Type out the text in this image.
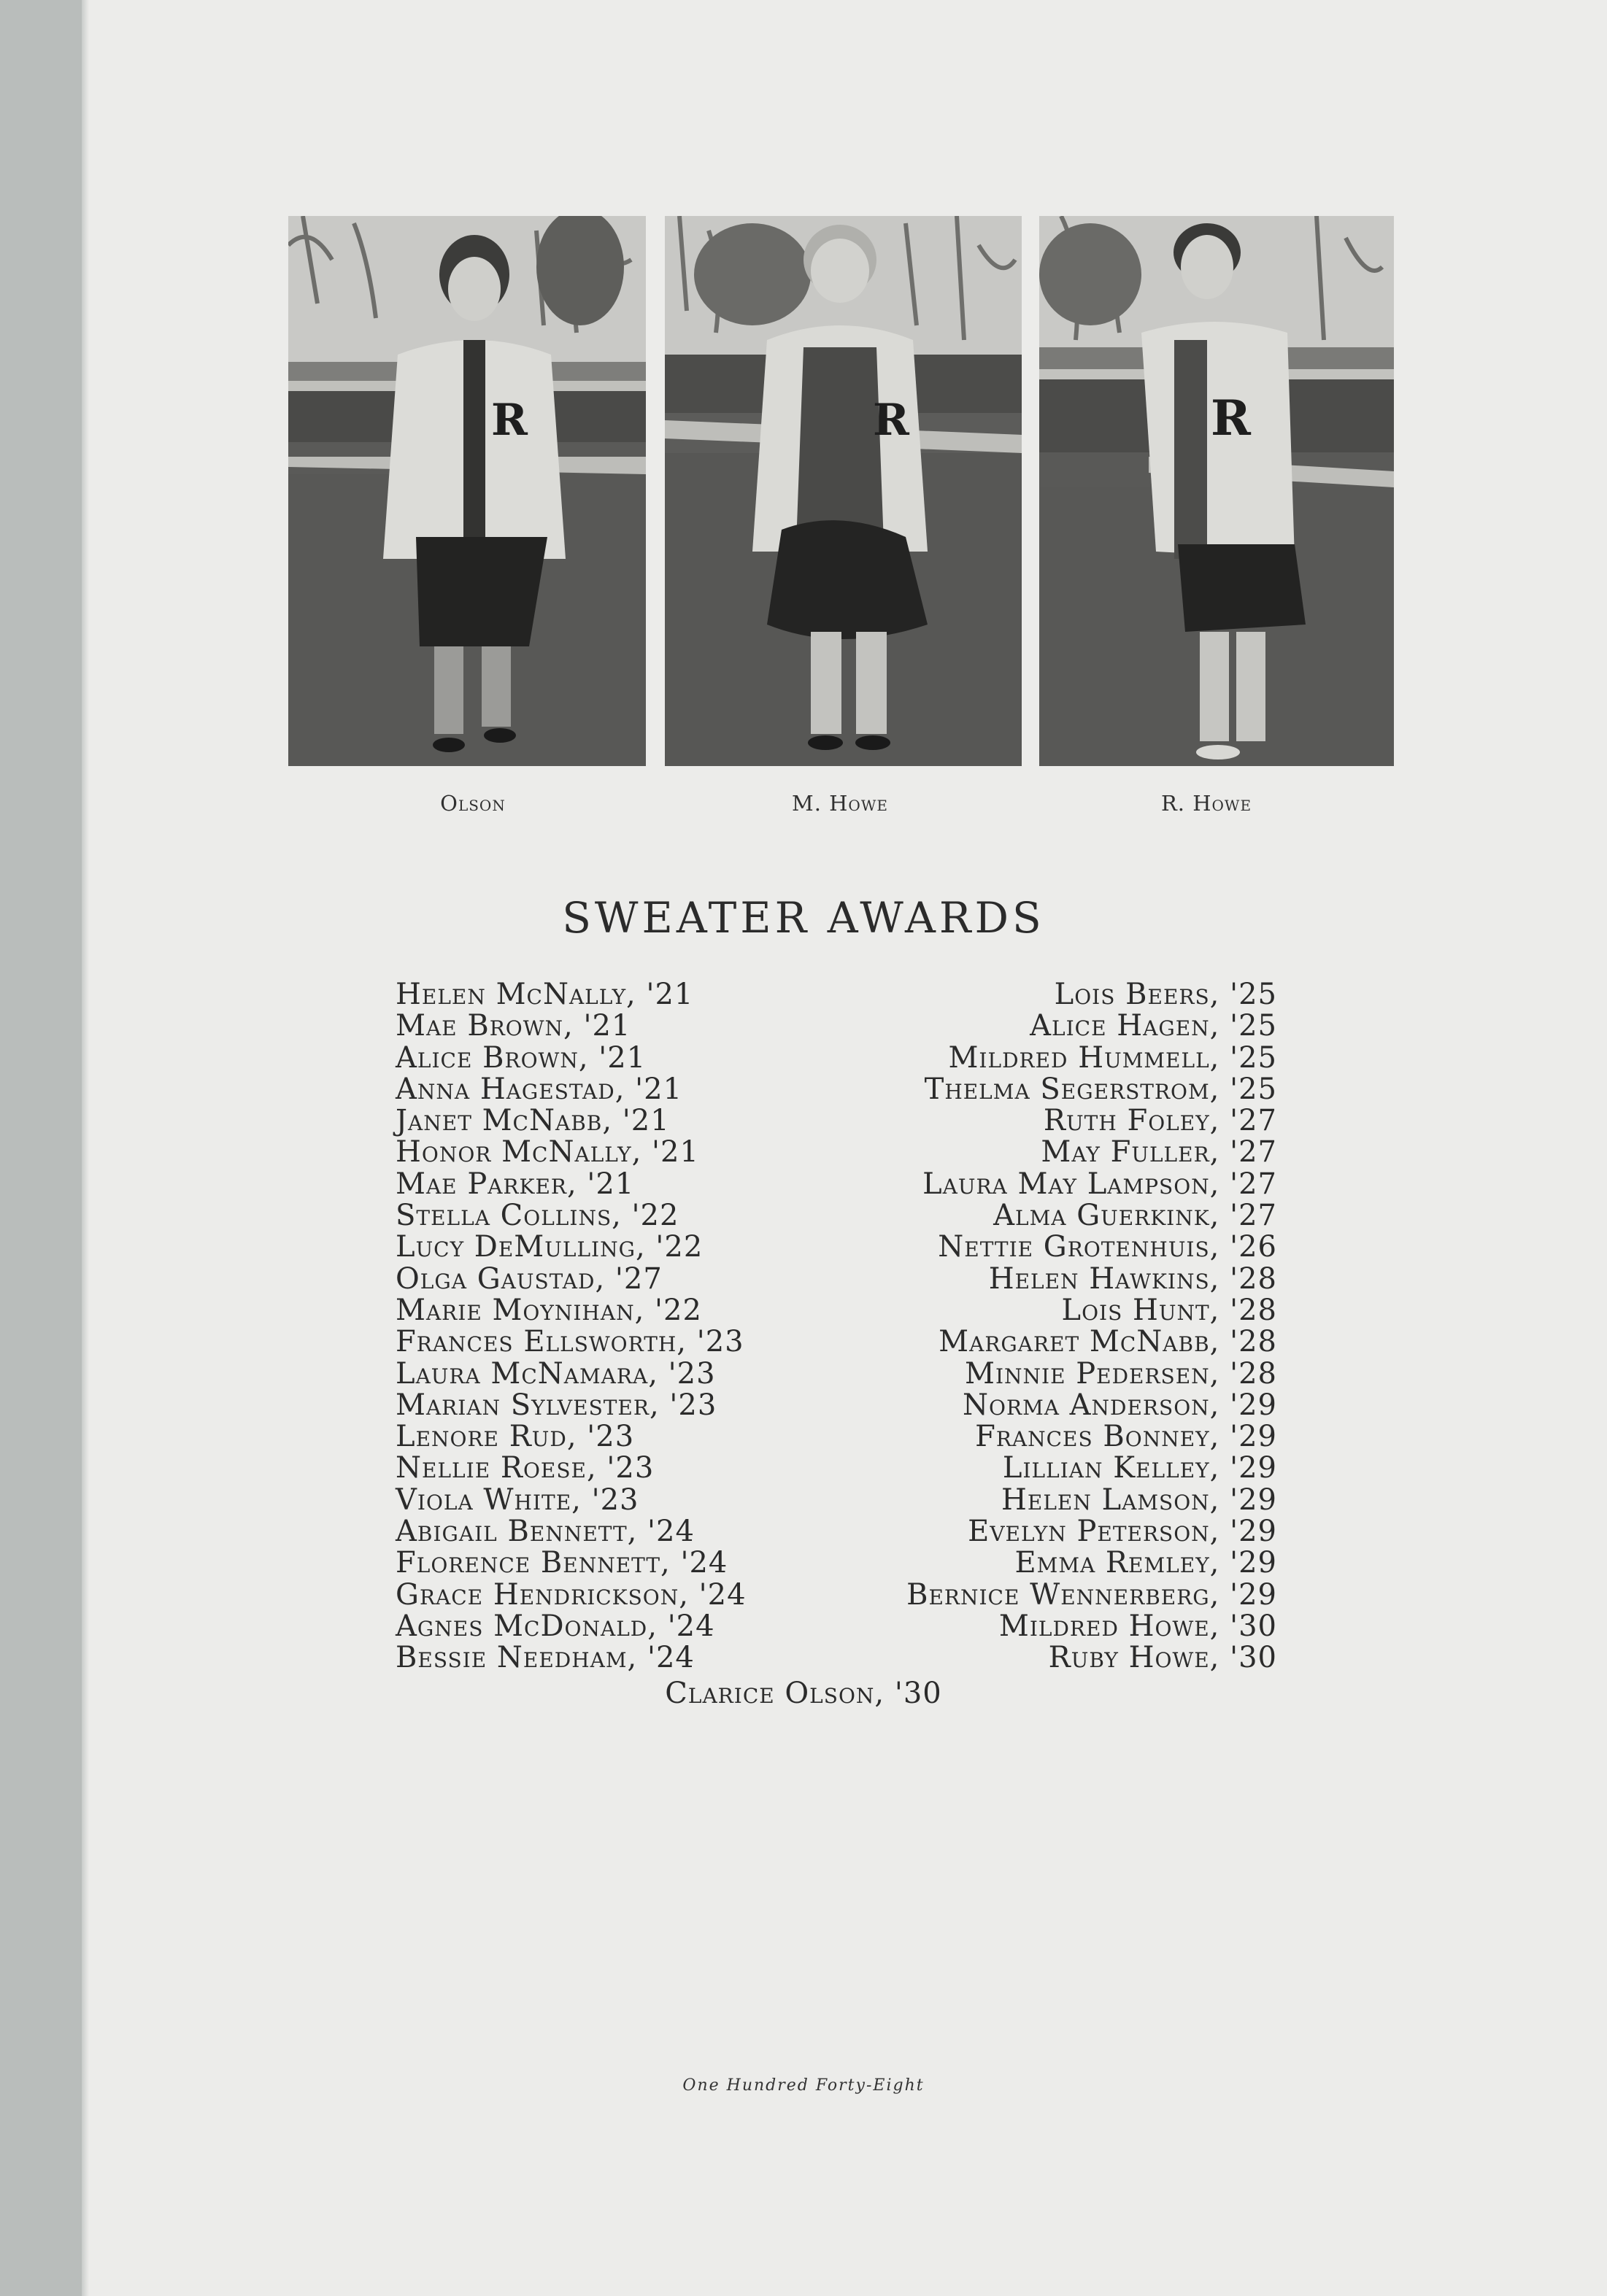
R	R	R
Olson	M. Howe	R. Howe
SWEATER AWARDS
Helen McNally, '21
Mae Brown, '21
Alice Brown, '21
Anna Hagestad, '21
Janet McNabb, '21
Honor McNally, '21
Mae Parker, '21
Stella Collins, '22
Lucy DeMulling, '22
Olga Gaustad, '27
Marie Moynihan, '22
Frances Ellsworth, '23
Laura McNamara, '23
Marian Sylvester, '23
Lenore Rud, '23
Nellie Roese, '23
Viola White, '23
Abigail Bennett, '24
Florence Bennett, '24
Grace Hendrickson, '24
Agnes McDonald, '24
Bessie Needham, '24
Lois Beers, '25
Alice Hagen, '25
Mildred Hummell, '25
Thelma Segerstrom, '25
Ruth Foley, '27
May Fuller, '27
Laura May Lampson, '27
Alma Guerkink, '27
Nettie Grotenhuis, '26
Helen Hawkins, '28
Lois Hunt, '28
Margaret McNabb, '28
Minnie Pedersen, '28
Norma Anderson, '29
Frances Bonney, '29
Lillian Kelley, '29
Helen Lamson, '29
Evelyn Peterson, '29
Emma Remley, '29
Bernice Wennerberg, '29
Mildred Howe, '30
Ruby Howe, '30
Clarice Olson, '30
One Hundred Forty-Eight
